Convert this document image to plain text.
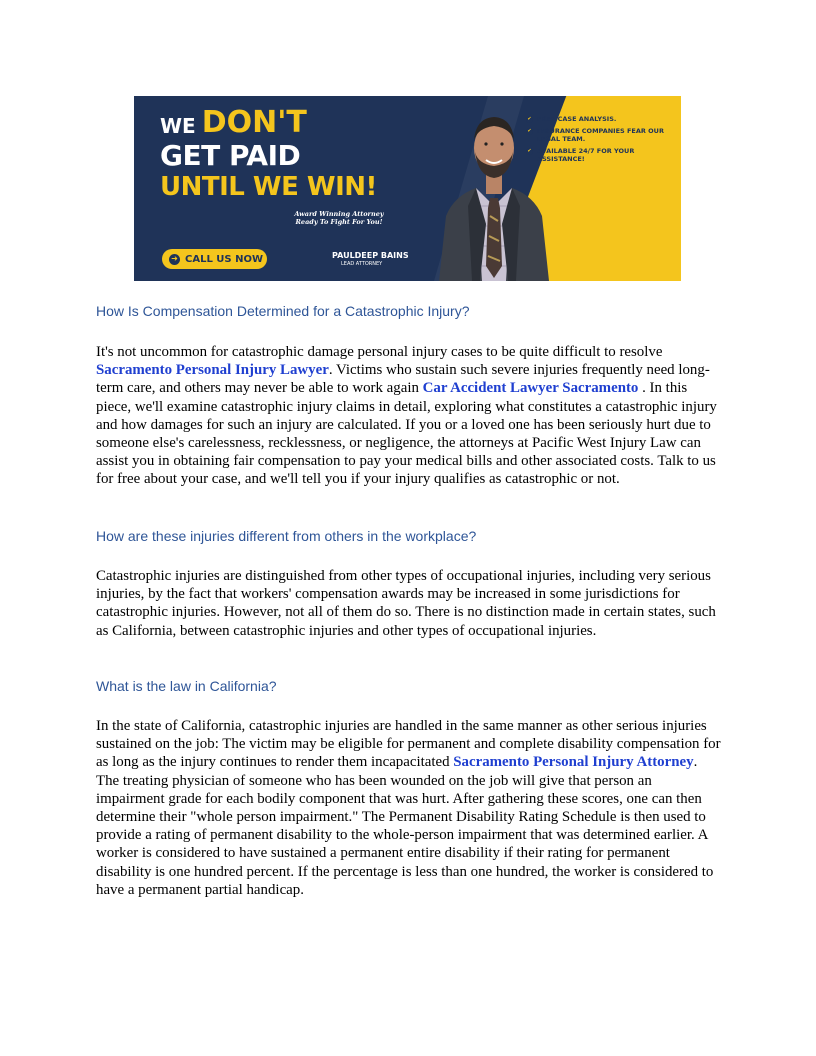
WE DON'T
GET PAID
UNTIL WE WIN!
Award Winning Attorney
Ready To Fight For You!
➜ CALL US NOW	PAULDEEP BAINS
LEAD ATTORNEY
✔ FREE CASE ANALYSIS.
✔ INSURANCE COMPANIES FEAR OUR LEGAL TEAM.
✔ AVAILABLE 24/7 FOR YOUR ASSISTANCE!
How Is Compensation Determined for a Catastrophic Injury?
It's not uncommon for catastrophic damage personal injury cases to be quite difficult to resolve Sacramento Personal Injury Lawyer. Victims who sustain such severe injuries frequently need long-term care, and others may never be able to work again Car Accident Lawyer Sacramento . In this piece, we'll examine catastrophic injury claims in detail, exploring what constitutes a catastrophic injury and how damages for such an injury are calculated. If you or a loved one has been seriously hurt due to someone else's carelessness, recklessness, or negligence, the attorneys at Pacific West Injury Law can assist you in obtaining fair compensation to pay your medical bills and other associated costs. Talk to us for free about your case, and we'll tell you if your injury qualifies as catastrophic or not.
How are these injuries different from others in the workplace?
Catastrophic injuries are distinguished from other types of occupational injuries, including very serious injuries, by the fact that workers' compensation awards may be increased in some jurisdictions for catastrophic injuries. However, not all of them do so. There is no distinction made in certain states, such as California, between catastrophic injuries and other types of occupational injuries.
What is the law in California?
In the state of California, catastrophic injuries are handled in the same manner as other serious injuries sustained on the job: The victim may be eligible for permanent and complete disability compensation for as long as the injury continues to render them incapacitated Sacramento Personal Injury Attorney. The treating physician of someone who has been wounded on the job will give that person an impairment grade for each bodily component that was hurt. After gathering these scores, one can then determine their "whole person impairment." The Permanent Disability Rating Schedule is then used to provide a rating of permanent disability to the whole-person impairment that was determined earlier. A worker is considered to have sustained a permanent entire disability if their rating for permanent disability is one hundred percent. If the percentage is less than one hundred, the worker is considered to have a permanent partial handicap.
